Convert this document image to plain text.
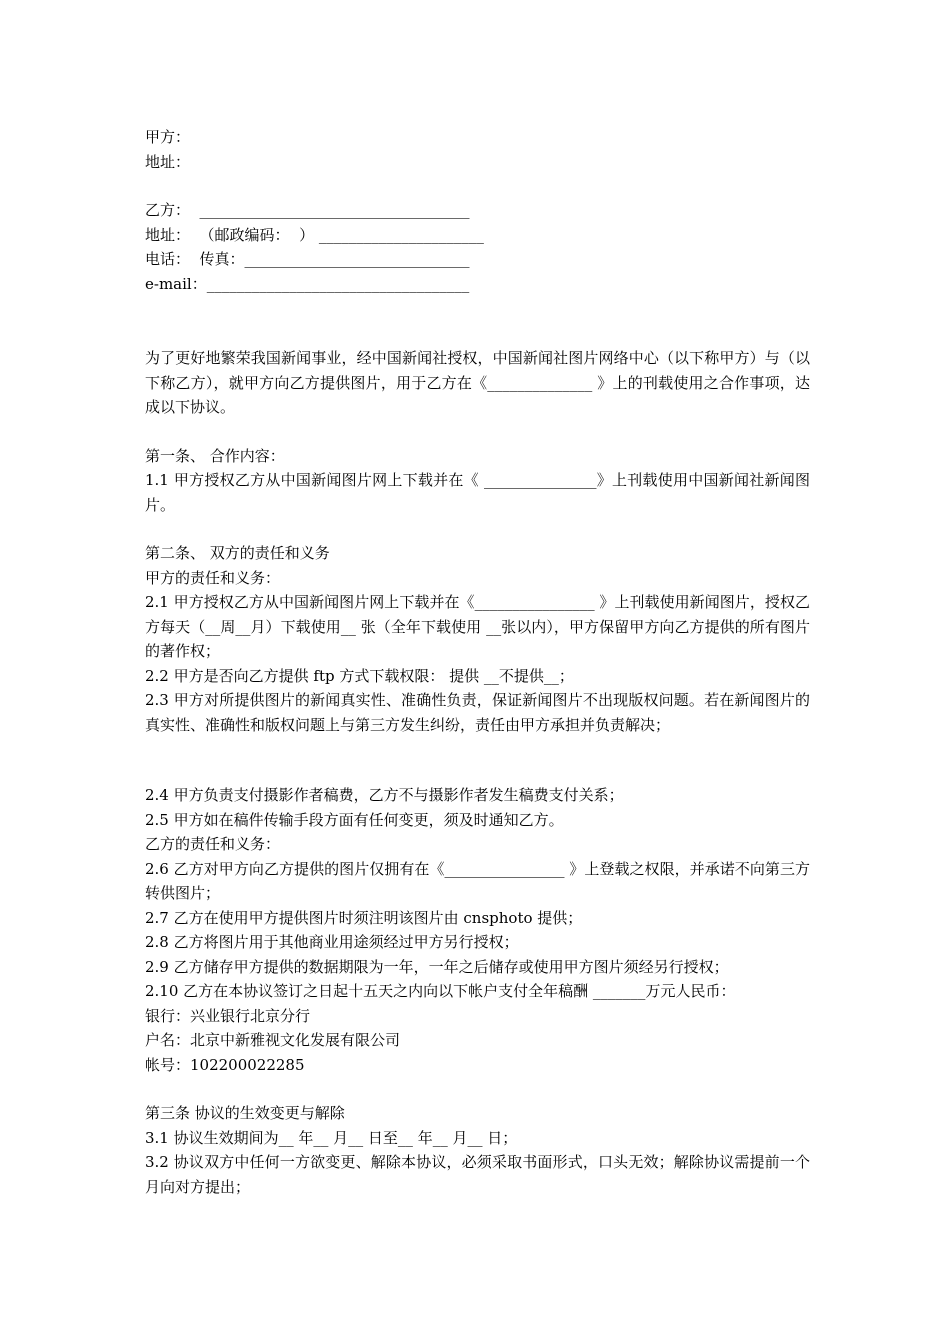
甲方：

地址：

乙方：  ____________________________________

地址：  （邮政编码：  ） ______________________

电话：  传真：______________________________

e-mail：___________________________________

为了更好地繁荣我国新闻事业，经中国新闻社授权，中国新闻社图片网络中心（以下称甲方）与（以下称乙方），就甲方向乙方提供图片，用于乙方在《______________ 》上的刊载使用之合作事项，达成以下协议。

第一条、 合作内容：

1.1 甲方授权乙方从中国新闻图片网上下载并在《 _______________》上刊载使用中国新闻社新闻图片。

第二条、 双方的责任和义务

甲方的责任和义务：

2.1 甲方授权乙方从中国新闻图片网上下载并在《________________ 》上刊载使用新闻图片，授权乙方每天（__周__月）下载使用__ 张（全年下载使用 __张以内），甲方保留甲方向乙方提供的所有图片的著作权；

2.2 甲方是否向乙方提供 ftp 方式下载权限： 提供 __不提供__；

2.3 甲方对所提供图片的新闻真实性、准确性负责，保证新闻图片不出现版权问题。若在新闻图片的真实性、准确性和版权问题上与第三方发生纠纷，责任由甲方承担并负责解决；

2.4 甲方负责支付摄影作者稿费，乙方不与摄影作者发生稿费支付关系；

2.5 甲方如在稿件传输手段方面有任何变更，须及时通知乙方。

乙方的责任和义务：

2.6 乙方对甲方向乙方提供的图片仅拥有在《________________ 》上登载之权限，并承诺不向第三方转供图片；

2.7 乙方在使用甲方提供图片时须注明该图片由 cnsphoto 提供；

2.8 乙方将图片用于其他商业用途须经过甲方另行授权；

2.9 乙方储存甲方提供的数据期限为一年，一年之后储存或使用甲方图片须经另行授权；

2.10 乙方在本协议签订之日起十五天之内向以下帐户支付全年稿酬 _______万元人民币：

银行：兴业银行北京分行

户名：北京中新雅视文化发展有限公司

帐号：102200022285

第三条 协议的生效变更与解除

3.1 协议生效期间为__ 年__ 月__ 日至__ 年__ 月__ 日；

3.2 协议双方中任何一方欲变更、解除本协议，必须采取书面形式，口头无效；解除协议需提前一个月向对方提出；
